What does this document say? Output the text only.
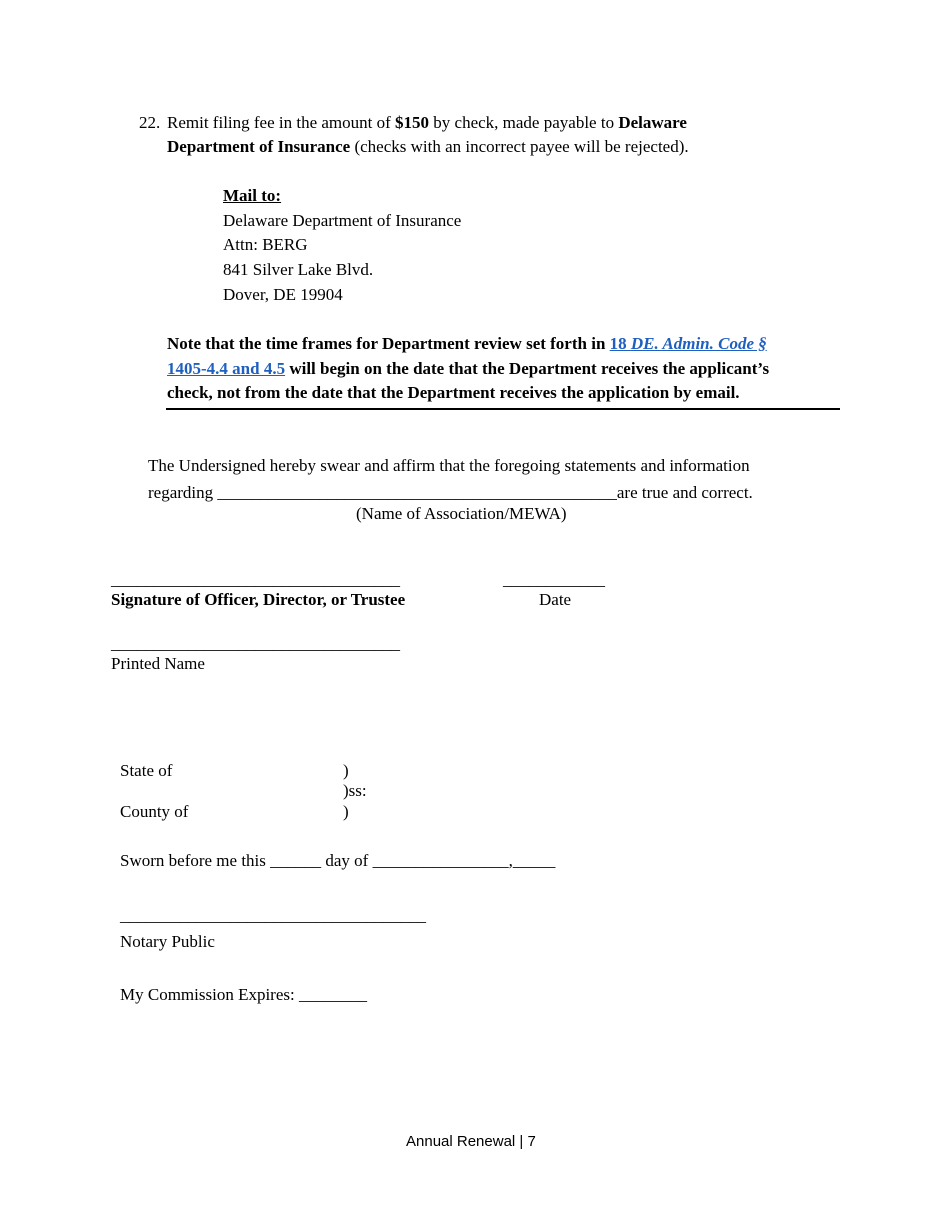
22. Remit filing fee in the amount of $150 by check, made payable to Delaware
Department of Insurance (checks with an incorrect payee will be rejected).
Mail to:
Delaware Department of Insurance
Attn: BERG
841 Silver Lake Blvd.
Dover, DE 19904
Note that the time frames for Department review set forth in 18 DE. Admin. Code §
1405-4.4 and 4.5 will begin on the date that the Department receives the applicant’s
check, not from the date that the Department receives the application by email.
The Undersigned hereby swear and affirm that the foregoing statements and information
regarding _______________________________________________are true and correct.
(Name of Association/MEWA)
__________________________________
Signature of Officer, Director, or Trustee
____________
Date
__________________________________
Printed Name
State of	)
)ss:
County of	)
Sworn before me this ______ day of ________________,_____
____________________________________
Notary Public
My Commission Expires: ________
Annual Renewal | 7
